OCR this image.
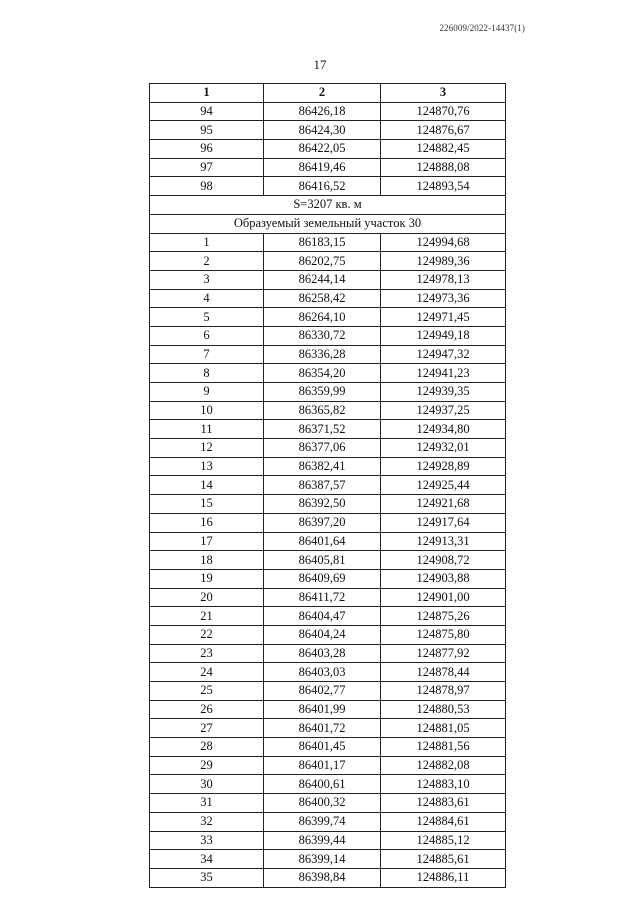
226009/2022-14437(1)
17
1	2	3
94	86426,18	124870,76
95	86424,30	124876,67
96	86422,05	124882,45
97	86419,46	124888,08
98	86416,52	124893,54
S=3207 кв. м		
Образуемый земельный участок 30		
1	86183,15	124994,68
2	86202,75	124989,36
3	86244,14	124978,13
4	86258,42	124973,36
5	86264,10	124971,45
6	86330,72	124949,18
7	86336,28	124947,32
8	86354,20	124941,23
9	86359,99	124939,35
10	86365,82	124937,25
11	86371,52	124934,80
12	86377,06	124932,01
13	86382,41	124928,89
14	86387,57	124925,44
15	86392,50	124921,68
16	86397,20	124917,64
17	86401,64	124913,31
18	86405,81	124908,72
19	86409,69	124903,88
20	86411,72	124901,00
21	86404,47	124875,26
22	86404,24	124875,80
23	86403,28	124877,92
24	86403,03	124878,44
25	86402,77	124878,97
26	86401,99	124880,53
27	86401,72	124881,05
28	86401,45	124881,56
29	86401,17	124882,08
30	86400,61	124883,10
31	86400,32	124883,61
32	86399,74	124884,61
33	86399,44	124885,12
34	86399,14	124885,61
35	86398,84	124886,11
